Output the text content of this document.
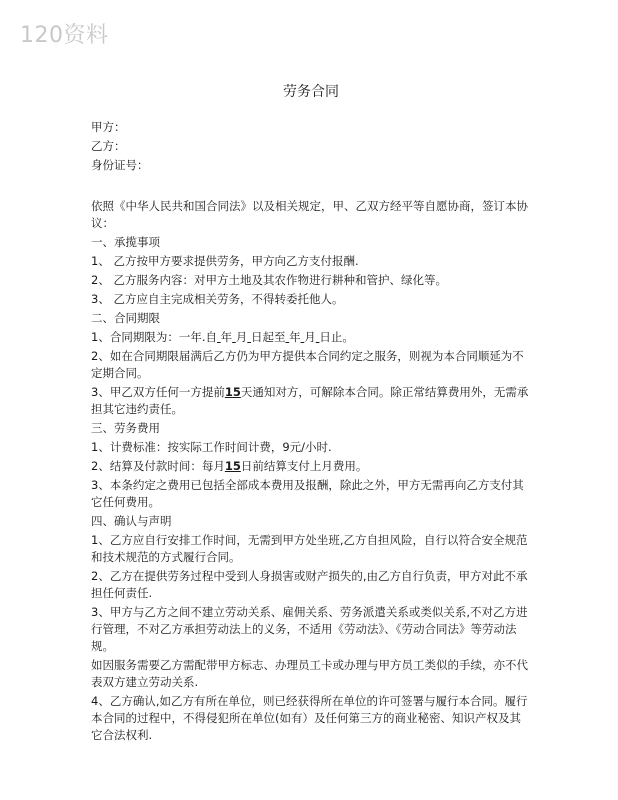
120资料
劳务合同
甲方：
乙方：
身份证号：
依照《中华人民共和国合同法》以及相关规定，甲、乙双方经平等自愿协商，签订本协议：
一、承揽事项
1、 乙方按甲方要求提供劳务，甲方向乙方支付报酬.
2、 乙方服务内容：对甲方土地及其农作物进行耕种和管护、绿化等。
3、 乙方应自主完成相关劳务，不得转委托他人。
二、合同期限
1、合同期限为：一年.自 年 月 日起至 年 月 日止。
2、如在合同期限届满后乙方仍为甲方提供本合同约定之服务，则视为本合同顺延为不定期合同。
3、甲乙双方任何一方提前15天通知对方，可解除本合同。除正常结算费用外，无需承担其它违约责任。
三、劳务费用
1、计费标准：按实际工作时间计费，9元/小时.
2、结算及付款时间：每月15日前结算支付上月费用。
3、本条约定之费用已包括全部成本费用及报酬，除此之外，甲方无需再向乙方支付其它任何费用。
四、确认与声明
1、乙方应自行安排工作时间，无需到甲方处坐班,乙方自担风险，自行以符合安全规范和技术规范的方式履行合同。
2、乙方在提供劳务过程中受到人身损害或财产损失的,由乙方自行负责，甲方对此不承担任何责任.
3、甲方与乙方之间不建立劳动关系、雇佣关系、劳务派遣关系或类似关系,不对乙方进行管理，不对乙方承担劳动法上的义务，不适用《劳动法》、《劳动合同法》等劳动法规。
如因服务需要乙方需配带甲方标志、办理员工卡或办理与甲方员工类似的手续，亦不代表双方建立劳动关系.
4、乙方确认,如乙方有所在单位，则已经获得所在单位的许可签署与履行本合同。履行本合同的过程中，不得侵犯所在单位(如有）及任何第三方的商业秘密、知识产权及其它合法权利.
